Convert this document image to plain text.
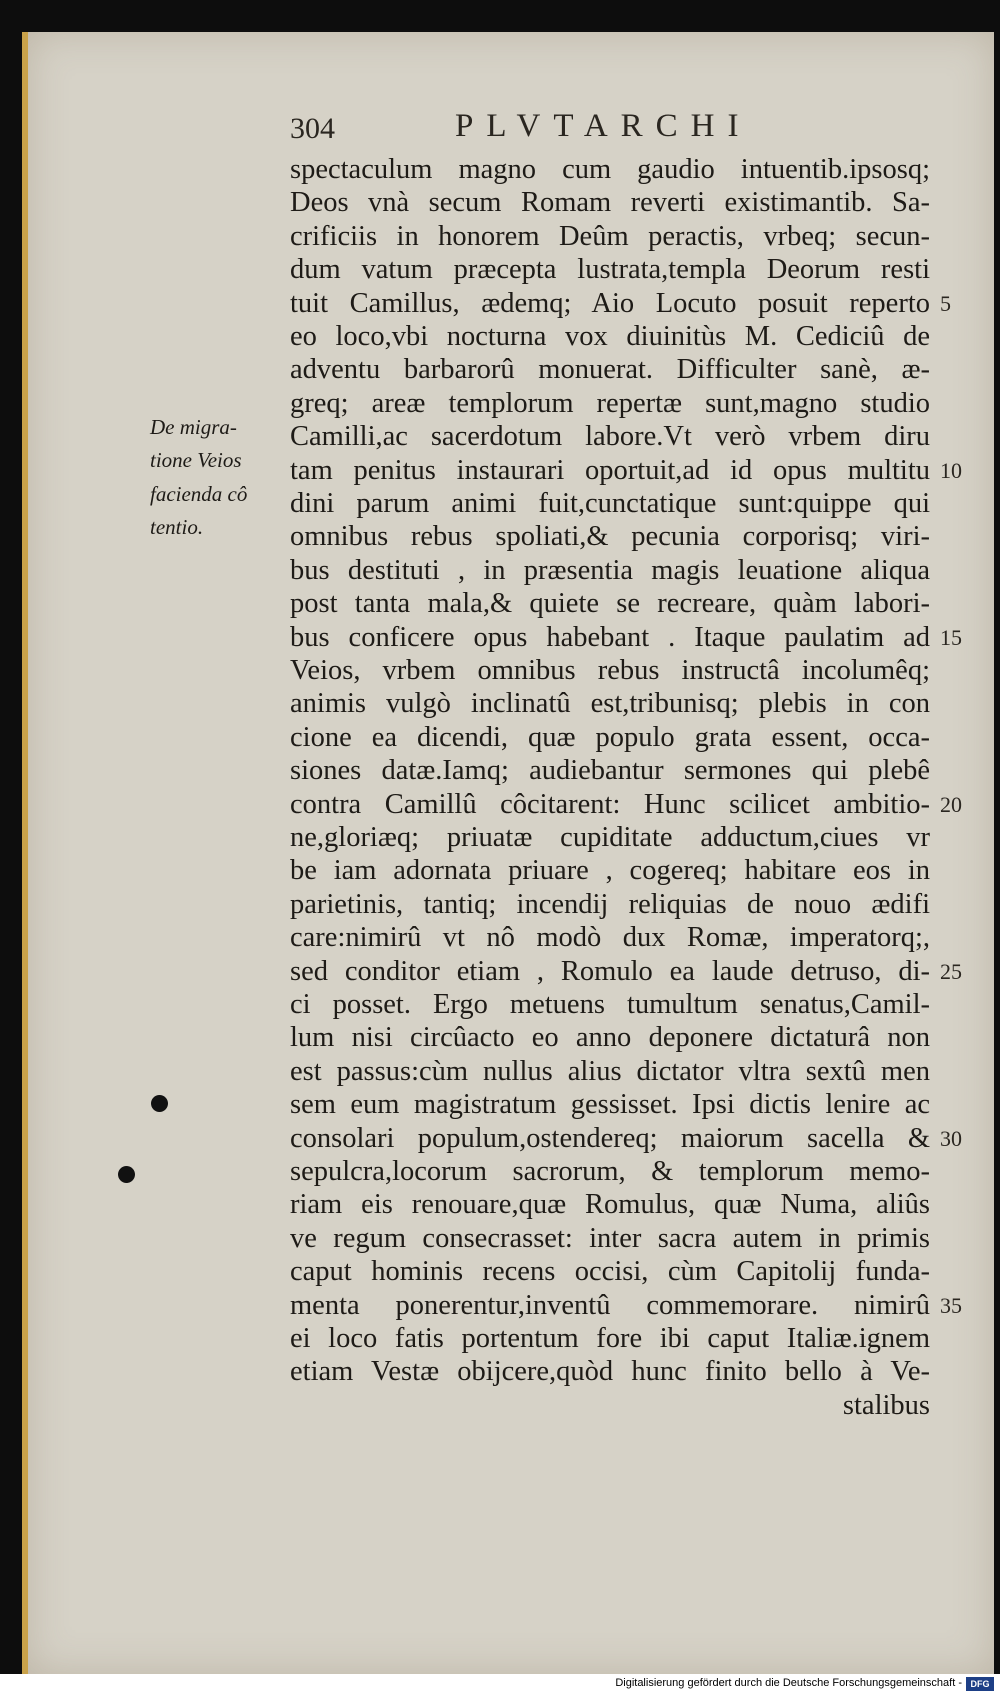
304	PLVTARCHI
spectaculum magno cum gaudio intuentib.ipsosq;
Deos vnà secum Romam reverti existimantib. Sa-
crificiis in honorem Deûm peractis, vrbeq; secun-
dum vatum præcepta lustrata,templa Deorum resti
tuit Camillus, ædemq; Aio Locuto posuit reperto
eo loco,vbi nocturna vox diuinitùs M. Cediciû de
adventu barbarorû monuerat. Difficulter sanè, æ-
greq; areæ templorum repertæ sunt,magno studio
Camilli,ac sacerdotum labore.Vt verò vrbem diru
tam penitus instaurari oportuit,ad id opus multitu
dini parum animi fuit,cunctatique sunt:quippe qui
omnibus rebus spoliati,& pecunia corporisq; viri-
bus destituti , in præsentia magis leuatione aliqua
post tanta mala,& quiete se recreare, quàm labori-
bus conficere opus habebant . Itaque paulatim ad
Veios, vrbem omnibus rebus instructâ incolumêq;
animis vulgò inclinatû est,tribunisq; plebis in con
cione ea dicendi, quæ populo grata essent, occa-
siones datæ.Iamq; audiebantur sermones qui plebê
contra Camillû côcitarent: Hunc scilicet ambitio-
ne,gloriæq; priuatæ cupiditate adductum,ciues vr
be iam adornata priuare , cogereq; habitare eos in
parietinis, tantiq; incendij reliquias de nouo ædifi
care:nimirû vt nô modò dux Romæ, imperatorq;,
sed conditor etiam , Romulo ea laude detruso, di-
ci posset. Ergo metuens tumultum senatus,Camil-
lum nisi circûacto eo anno deponere dictaturâ non
est passus:cùm nullus alius dictator vltra sextû men
sem eum magistratum gessisset. Ipsi dictis lenire ac
consolari populum,ostendereq; maiorum sacella &
sepulcra,locorum sacrorum, & templorum memo-
riam eis renouare,quæ Romulus, quæ Numa, aliûs
ve regum consecrasset: inter sacra autem in primis
caput hominis recens occisi, cùm Capitolij funda-
menta ponerentur,inventû commemorare. nimirû
ei loco fatis portentum fore ibi caput Italiæ.ignem
etiam Vestæ obijcere,quòd hunc finito bello à Ve-
stalibus
De migra-
tione Veios
facienda cô
tentio.
Digitalisierung gefördert durch die Deutsche Forschungsgemeinschaft - DFG
5
10
15
20
25
30
35
